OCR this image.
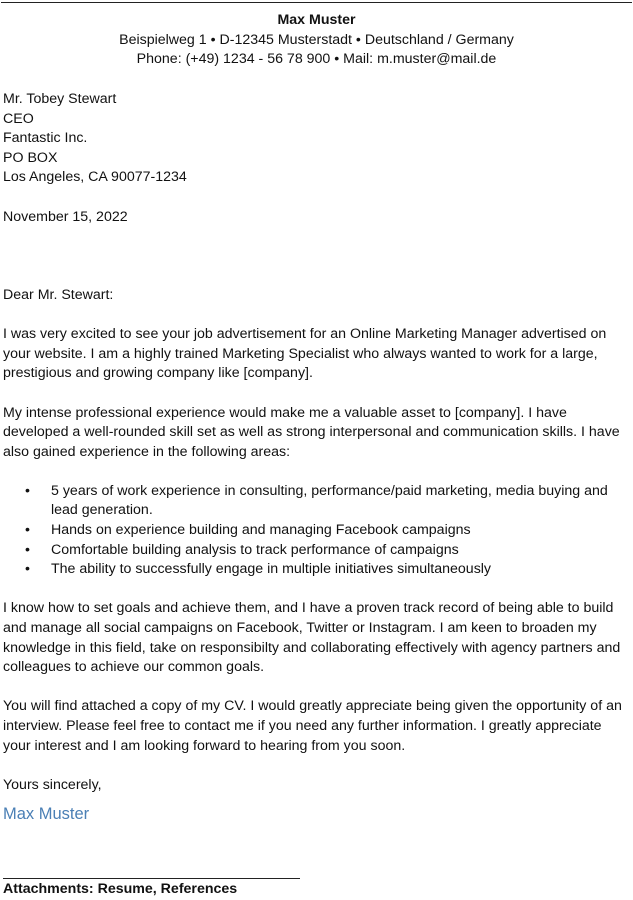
Max Muster
Beispielweg 1 • D-12345 Musterstadt • Deutschland / Germany
Phone: (+49) 1234 - 56 78 900 • Mail: m.muster@mail.de
Mr. Tobey Stewart
CEO
Fantastic Inc.
PO BOX
Los Angeles, CA 90077-1234
November 15, 2022
Dear Mr. Stewart:

I was very excited to see your job advertisement for an Online Marketing Manager advertised on your website. I am a highly trained Marketing Specialist who always wanted to work for a large, prestigious and growing company like [company].

My intense professional experience would make me a valuable asset to [company]. I have developed a well-rounded skill set as well as strong interpersonal and communication skills. I have also gained experience in the following areas:

• 5 years of work experience in consulting, performance/paid marketing, media buying and lead generation.
• Hands on experience building and managing Facebook campaigns
• Comfortable building analysis to track performance of campaigns
• The ability to successfully engage in multiple initiatives simultaneously

I know how to set goals and achieve them, and I have a proven track record of being able to build and manage all social campaigns on Facebook, Twitter or Instagram. I am keen to broaden my knowledge in this field, take on responsibilty and collaborating effectively with agency partners and colleagues to achieve our common goals.

You will find attached a copy of my CV. I would greatly appreciate being given the opportunity of an interview. Please feel free to contact me if you need any further information. I greatly appreciate your interest and I am looking forward to hearing from you soon.

Yours sincerely,
Max Muster
Attachments: Resume, References
